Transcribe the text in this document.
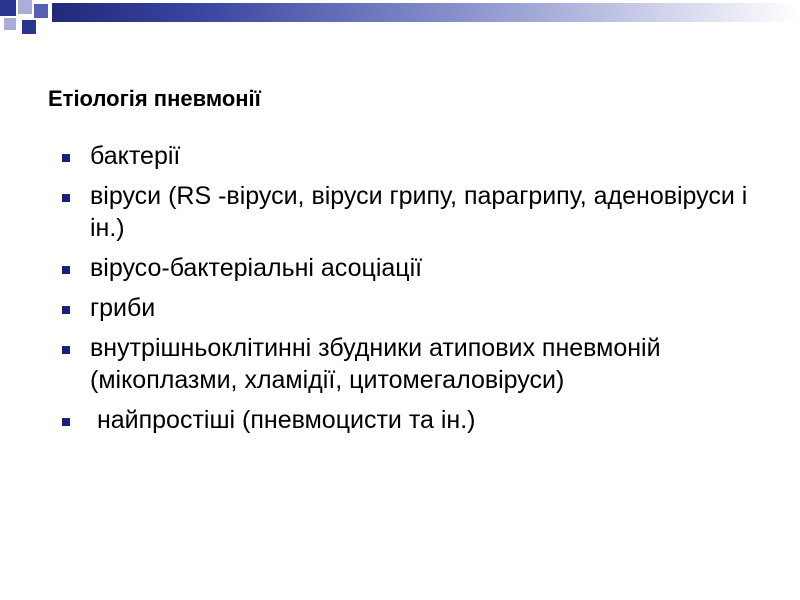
Етіологія пневмонії
бактерії
віруси (RS -віруси, віруси грипу, парагрипу, аденовіруси і ін.)
вірусо-бактеріальні асоціації
гриби
внутрішньоклітинні збудники атипових пневмоній (мікоплазми, хламідії, цитомегаловіруси)
найпростіші (пневмоцисти та ін.)
